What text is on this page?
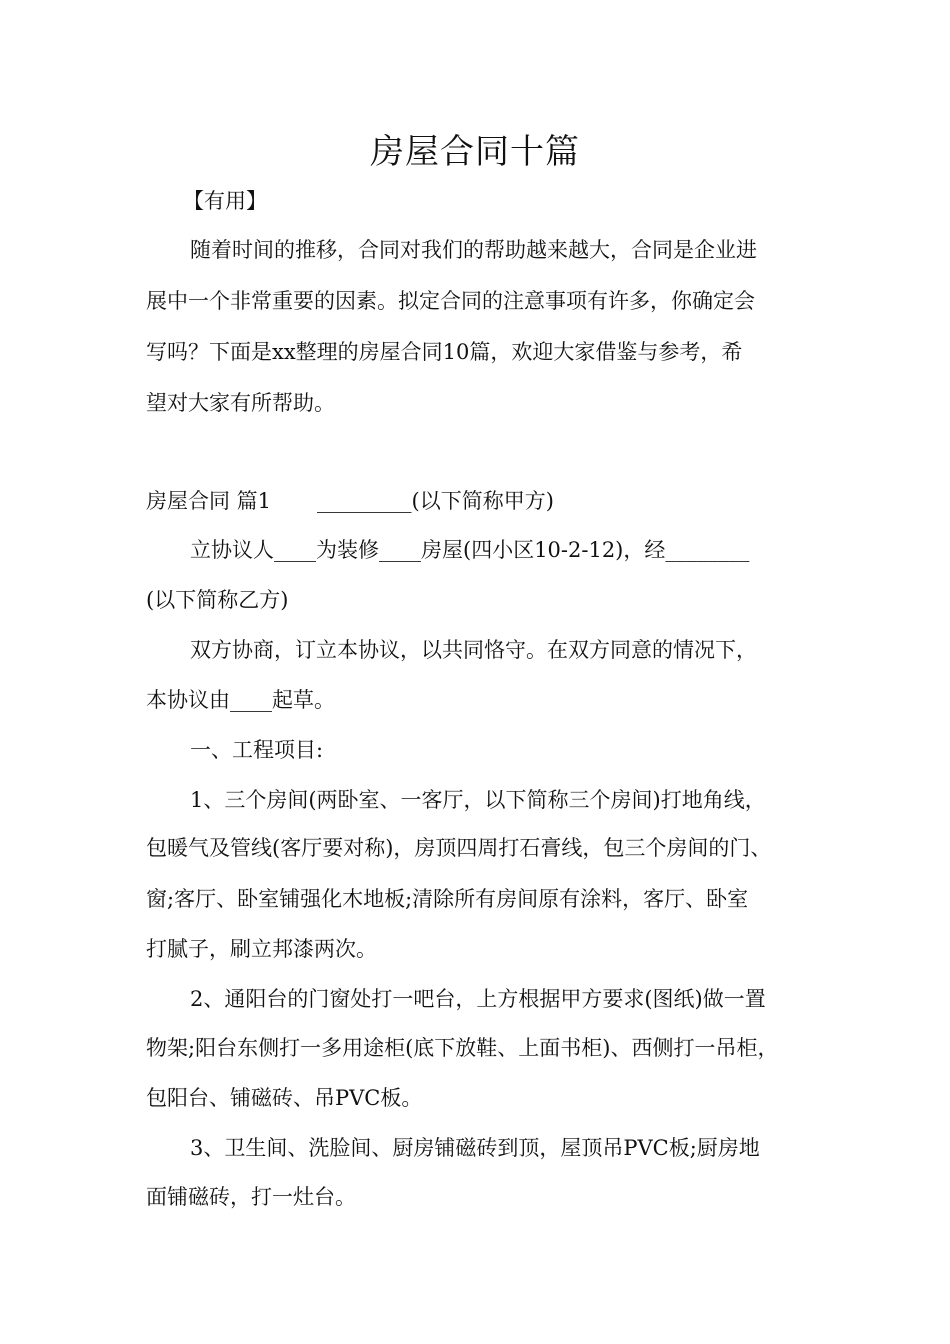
房屋合同十篇
【有用】
随着时间的推移，合同对我们的帮助越来越大，合同是企业进
展中一个非常重要的因素。拟定合同的注意事项有许多，你确定会
写吗？下面是xx整理的房屋合同10篇，欢迎大家借鉴与参考，希
望对大家有所帮助。
房屋合同 篇1 _________(以下简称甲方)
立协议人____为装修____房屋(四小区10-2-12)，经________
(以下简称乙方)
双方协商，订立本协议，以共同恪守。在双方同意的情况下，
本协议由____起草。
一、工程项目:
1、三个房间(两卧室、一客厅，以下简称三个房间)打地角线，
包暖气及管线(客厅要对称)，房顶四周打石膏线，包三个房间的门、
窗;客厅、卧室铺强化木地板;清除所有房间原有涂料，客厅、卧室
打腻子，刷立邦漆两次。
2、通阳台的门窗处打一吧台，上方根据甲方要求(图纸)做一置
物架;阳台东侧打一多用途柜(底下放鞋、上面书柜)、西侧打一吊柜，
包阳台、铺磁砖、吊PVC板。
3、卫生间、洗脸间、厨房铺磁砖到顶，屋顶吊PVC板;厨房地
面铺磁砖，打一灶台。
